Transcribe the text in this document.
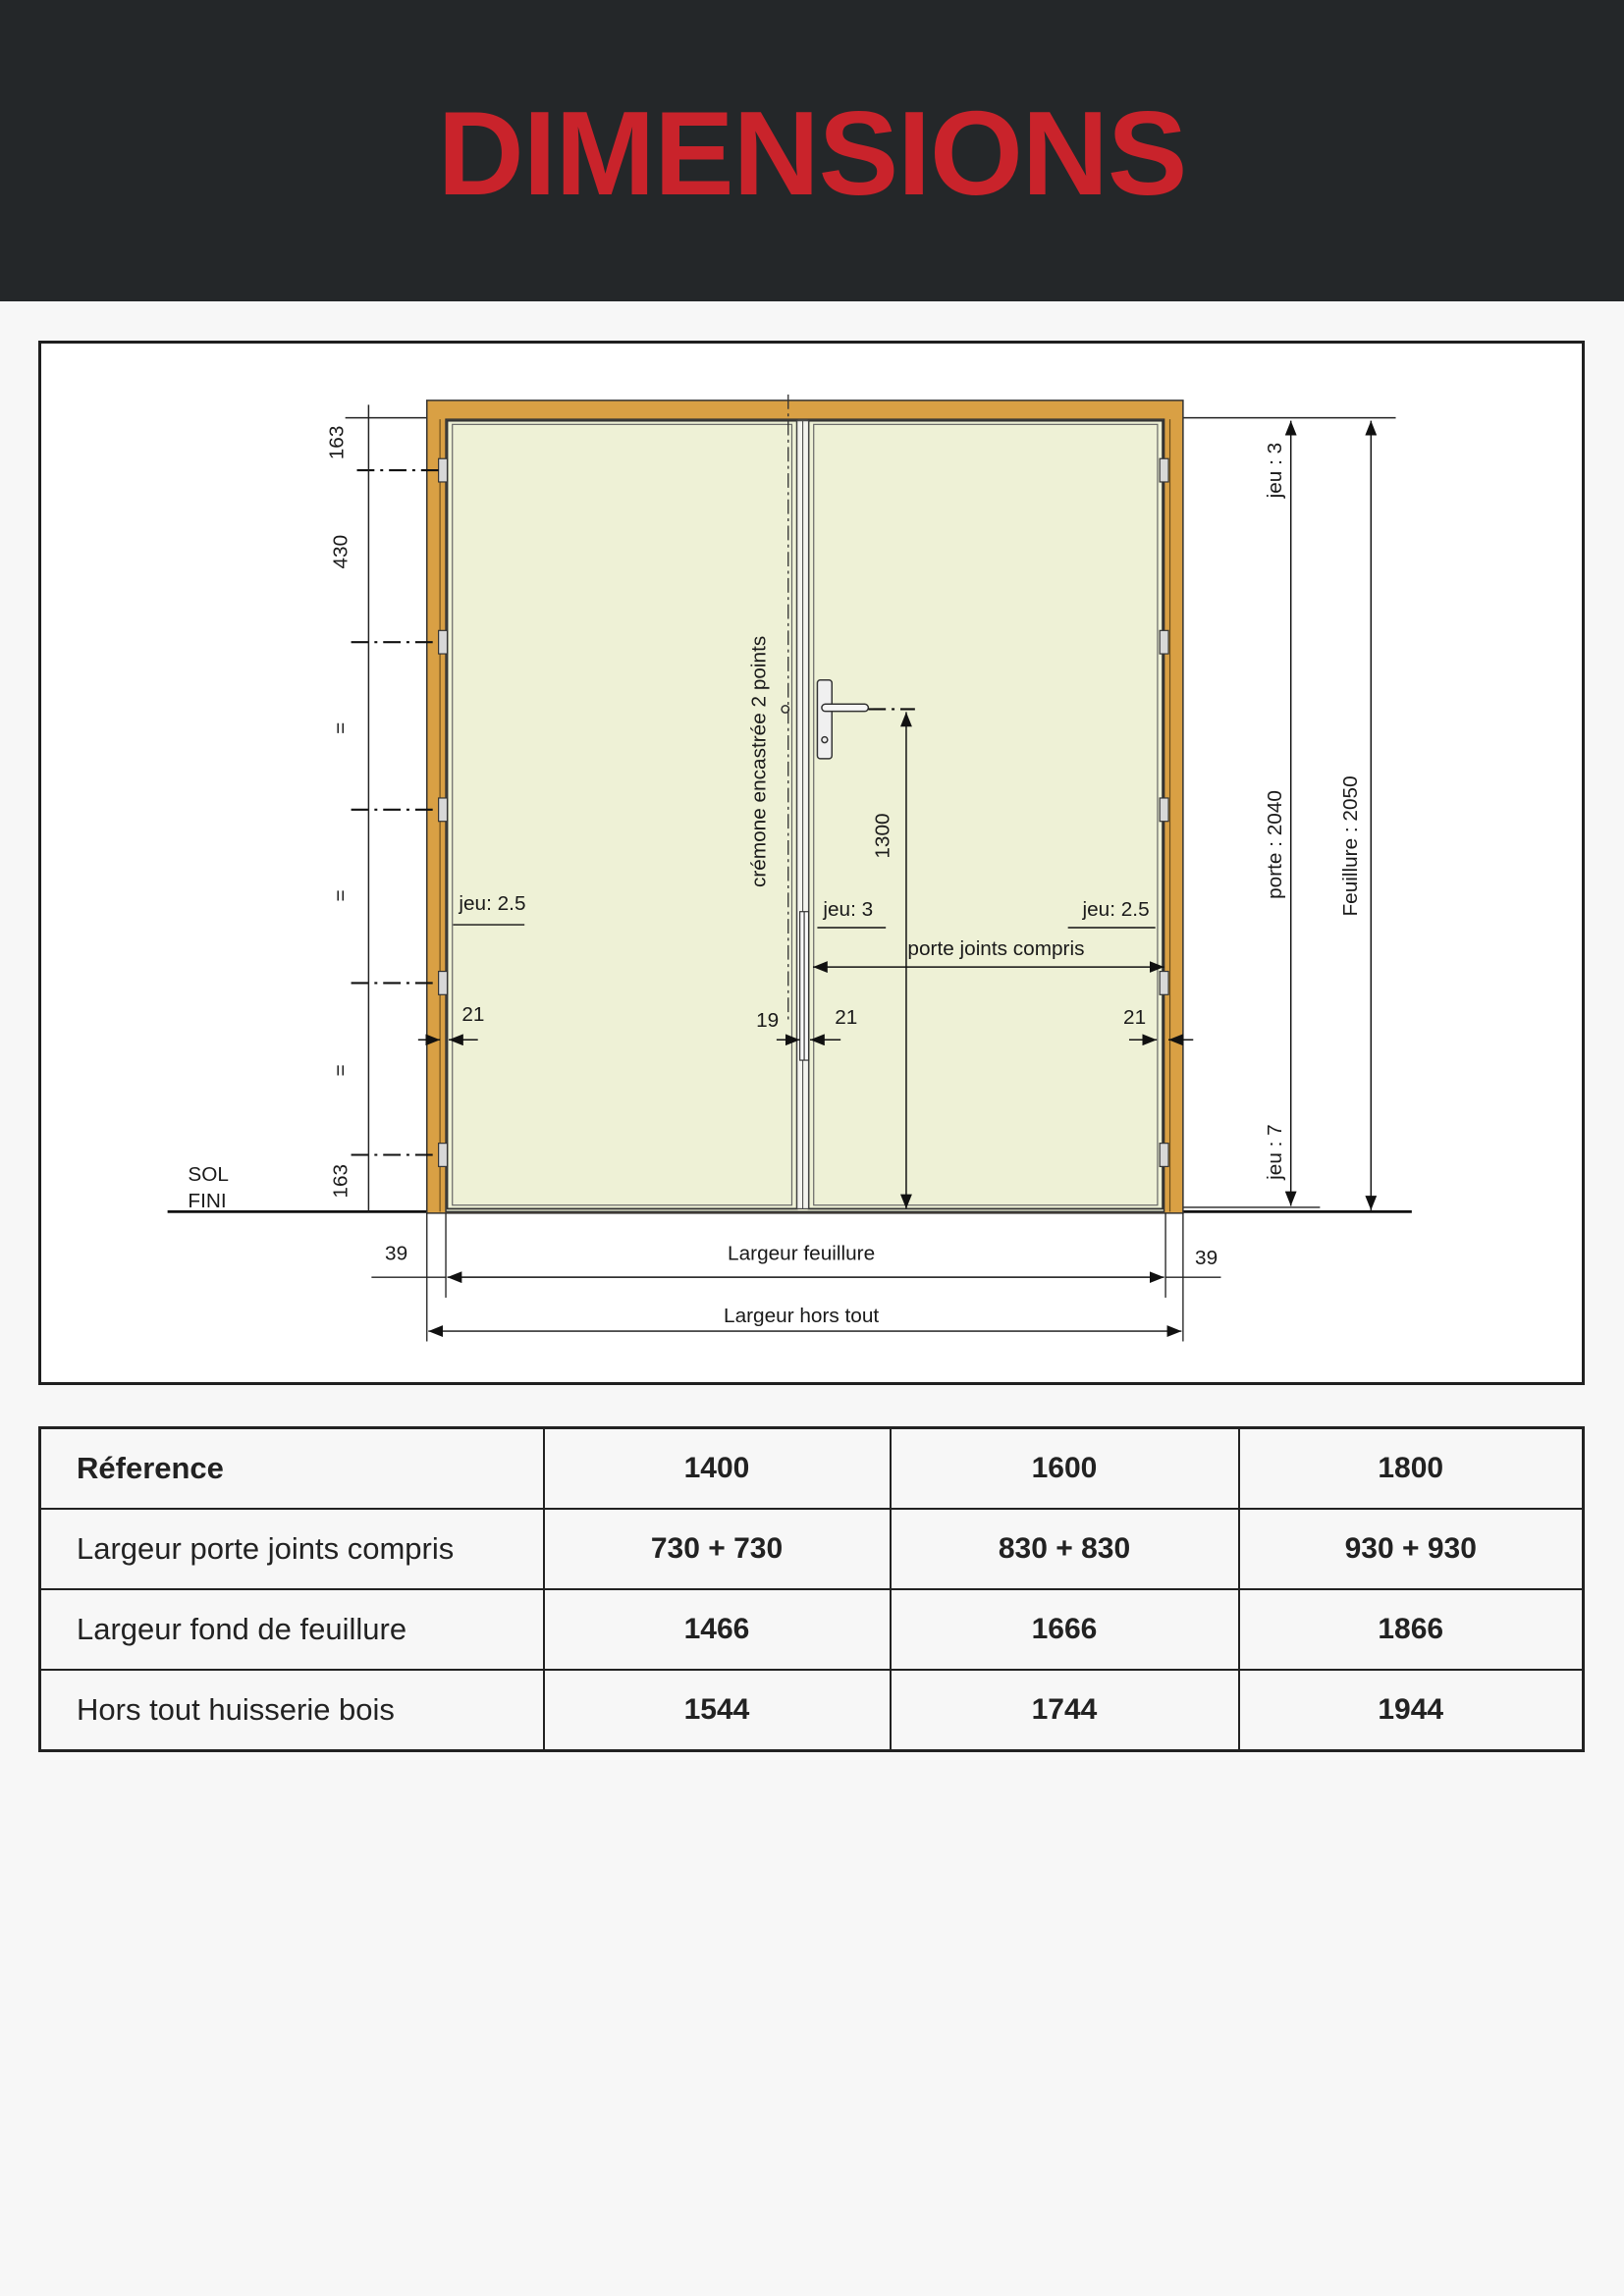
DIMENSIONS
163
430
=
=
=
163
SOL
FINI
crémone encastrée 2 points	1300
jeu: 2.5	jeu: 3	jeu: 2.5
porte joints compris
21	19	21	21
jeu : 3
porte : 2040
jeu : 7
Feuillure : 2050
39	39
Largeur feuillure
Largeur hors tout
Réference	1400	1600	1800
Largeur porte joints compris	730 + 730	830 + 830	930 + 930
Largeur fond de feuillure	1466	1666	1866
Hors tout huisserie bois	1544	1744	1944
